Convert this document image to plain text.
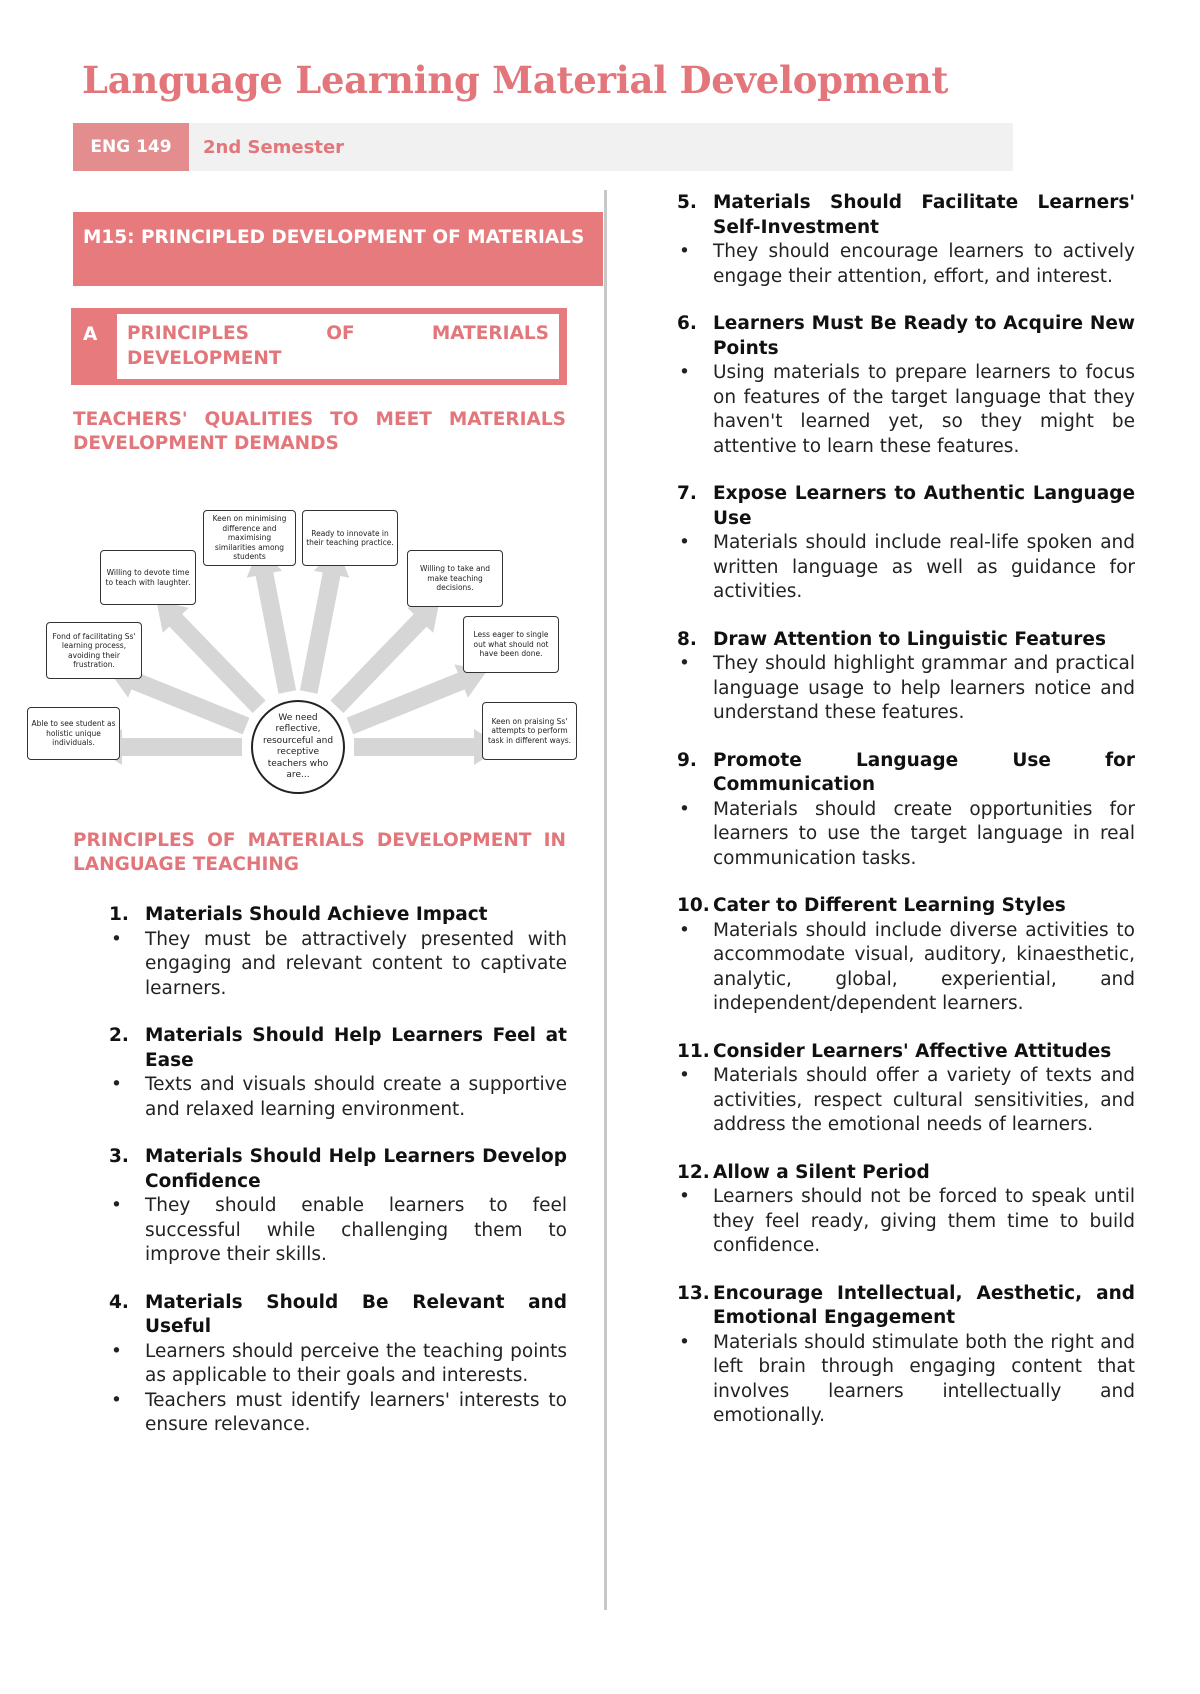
Language Learning Material Development
ENG 149	2nd Semester
M15: PRINCIPLED DEVELOPMENT OF MATERIALS
A	PRINCIPLES OF MATERIALS DEVELOPMENT
TEACHERS' QUALITIES TO MEET MATERIALS DEVELOPMENT DEMANDS
Able to see student as holistic unique individuals.
Fond of facilitating Ss' learning process, avoiding their frustration.
Willing to devote time to teach with laughter.
Keen on minimising difference and maximising similarities among students
Ready to innovate in their teaching practice.
Willing to take and make teaching decisions.
Less eager to single out what should not have been done.
Keen on praising Ss' attempts to perform task in different ways.
We need reflective, resourceful and receptive teachers who are...
PRINCIPLES OF MATERIALS DEVELOPMENT IN LANGUAGE TEACHING
1. Materials Should Achieve Impact
•	They must be attractively presented with engaging and relevant content to captivate learners.
2. Materials Should Help Learners Feel at Ease
•	Texts and visuals should create a supportive and relaxed learning environment.
3. Materials Should Help Learners Develop Confidence
•	They should enable learners to feel successful while challenging them to improve their skills.
4. Materials Should Be Relevant and Useful
•	Learners should perceive the teaching points as applicable to their goals and interests.
•	Teachers must identify learners' interests to ensure relevance.
5. Materials Should Facilitate Learners' Self-Investment
•	They should encourage learners to actively engage their attention, effort, and interest.
6. Learners Must Be Ready to Acquire New Points
•	Using materials to prepare learners to focus on features of the target language that they haven't learned yet, so they might be attentive to learn these features.
7. Expose Learners to Authentic Language Use
•	Materials should include real-life spoken and written language as well as guidance for activities.
8. Draw Attention to Linguistic Features
•	They should highlight grammar and practical language usage to help learners notice and understand these features.
9. Promote Language Use for Communication
•	Materials should create opportunities for learners to use the target language in real communication tasks.
10. Cater to Different Learning Styles
•	Materials should include diverse activities to accommodate visual, auditory, kinaesthetic, analytic, global, experiential, and independent/dependent learners.
11. Consider Learners' Affective Attitudes
•	Materials should offer a variety of texts and activities, respect cultural sensitivities, and address the emotional needs of learners.
12. Allow a Silent Period
•	Learners should not be forced to speak until they feel ready, giving them time to build confidence.
13. Encourage Intellectual, Aesthetic, and Emotional Engagement
•	Materials should stimulate both the right and left brain through engaging content that involves learners intellectually and emotionally.
